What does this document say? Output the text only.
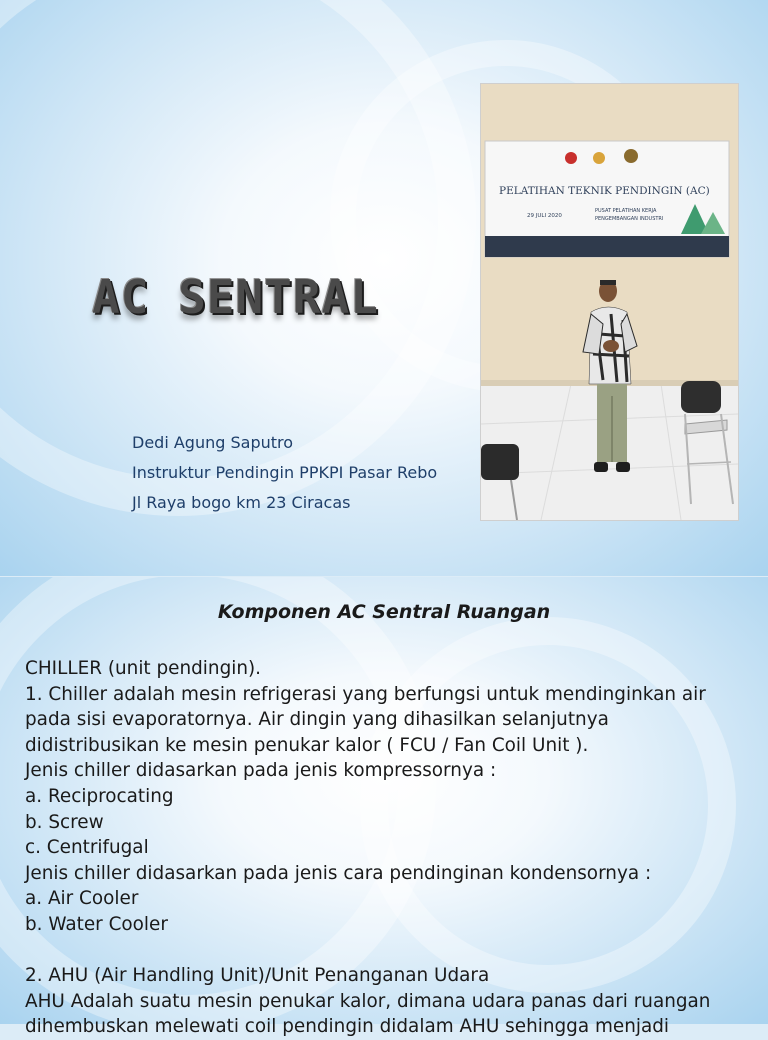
AC SENTRAL
Dedi Agung Saputro
Instruktur Pendingin PPKPI Pasar Rebo
Jl Raya bogo km 23 Ciracas
PELATIHAN TEKNIK PENDINGIN (AC)
29 JULI 2020
PUSAT PELATIHAN KERJA
PENGEMBANGAN INDUSTRI
Komponen AC Sentral Ruangan
CHILLER (unit pendingin).
1. Chiller adalah mesin refrigerasi yang berfungsi untuk mendinginkan air
pada sisi evaporatornya. Air dingin yang dihasilkan selanjutnya
didistribusikan ke mesin penukar kalor ( FCU / Fan Coil Unit ).
Jenis chiller didasarkan pada jenis kompressornya :
a. Reciprocating
b. Screw
c. Centrifugal
Jenis chiller didasarkan pada jenis cara pendinginan kondensornya :
a. Air Cooler
b. Water Cooler
2. AHU (Air Handling Unit)/Unit Penanganan Udara
AHU Adalah suatu mesin penukar kalor, dimana udara panas dari ruangan
dihembuskan melewati coil pendingin didalam AHU sehingga menjadi
